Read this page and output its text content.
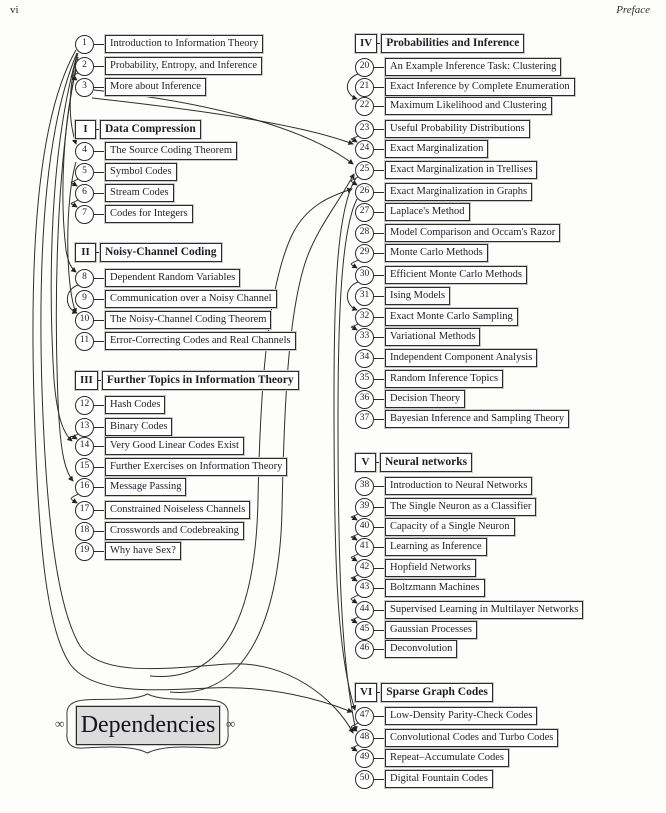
∞	∞
vi	Preface
1	Introduction to Information Theory
2	Probability, Entropy, and Inference
3	More about Inference
I	Data Compression
4	The Source Coding Theorem
5	Symbol Codes
6	Stream Codes
7	Codes for Integers
II	Noisy-Channel Coding
8	Dependent Random Variables
9	Communication over a Noisy Channel
10	The Noisy-Channel Coding Theorem
11	Error-Correcting Codes and Real Channels
III	Further Topics in Information Theory
12	Hash Codes
13	Binary Codes
14	Very Good Linear Codes Exist
15	Further Exercises on Information Theory
16	Message Passing
17	Constrained Noiseless Channels
18	Crosswords and Codebreaking
19	Why have Sex?
IV	Probabilities and Inference
20	An Example Inference Task: Clustering
21	Exact Inference by Complete Enumeration
22	Maximum Likelihood and Clustering
23	Useful Probability Distributions
24	Exact Marginalization
25	Exact Marginalization in Trellises
26	Exact Marginalization in Graphs
27	Laplace's Method
28	Model Comparison and Occam's Razor
29	Monte Carlo Methods
30	Efficient Monte Carlo Methods
31	Ising Models
32	Exact Monte Carlo Sampling
33	Variational Methods
34	Independent Component Analysis
35	Random Inference Topics
36	Decision Theory
37	Bayesian Inference and Sampling Theory
V	Neural networks
38	Introduction to Neural Networks
39	The Single Neuron as a Classifier
40	Capacity of a Single Neuron
41	Learning as Inference
42	Hopfield Networks
43	Boltzmann Machines
44	Supervised Learning in Multilayer Networks
45	Gaussian Processes
46	Deconvolution
VI	Sparse Graph Codes
47	Low-Density Parity-Check Codes
48	Convolutional Codes and Turbo Codes
49	Repeat–Accumulate Codes
50	Digital Fountain Codes
Dependencies
